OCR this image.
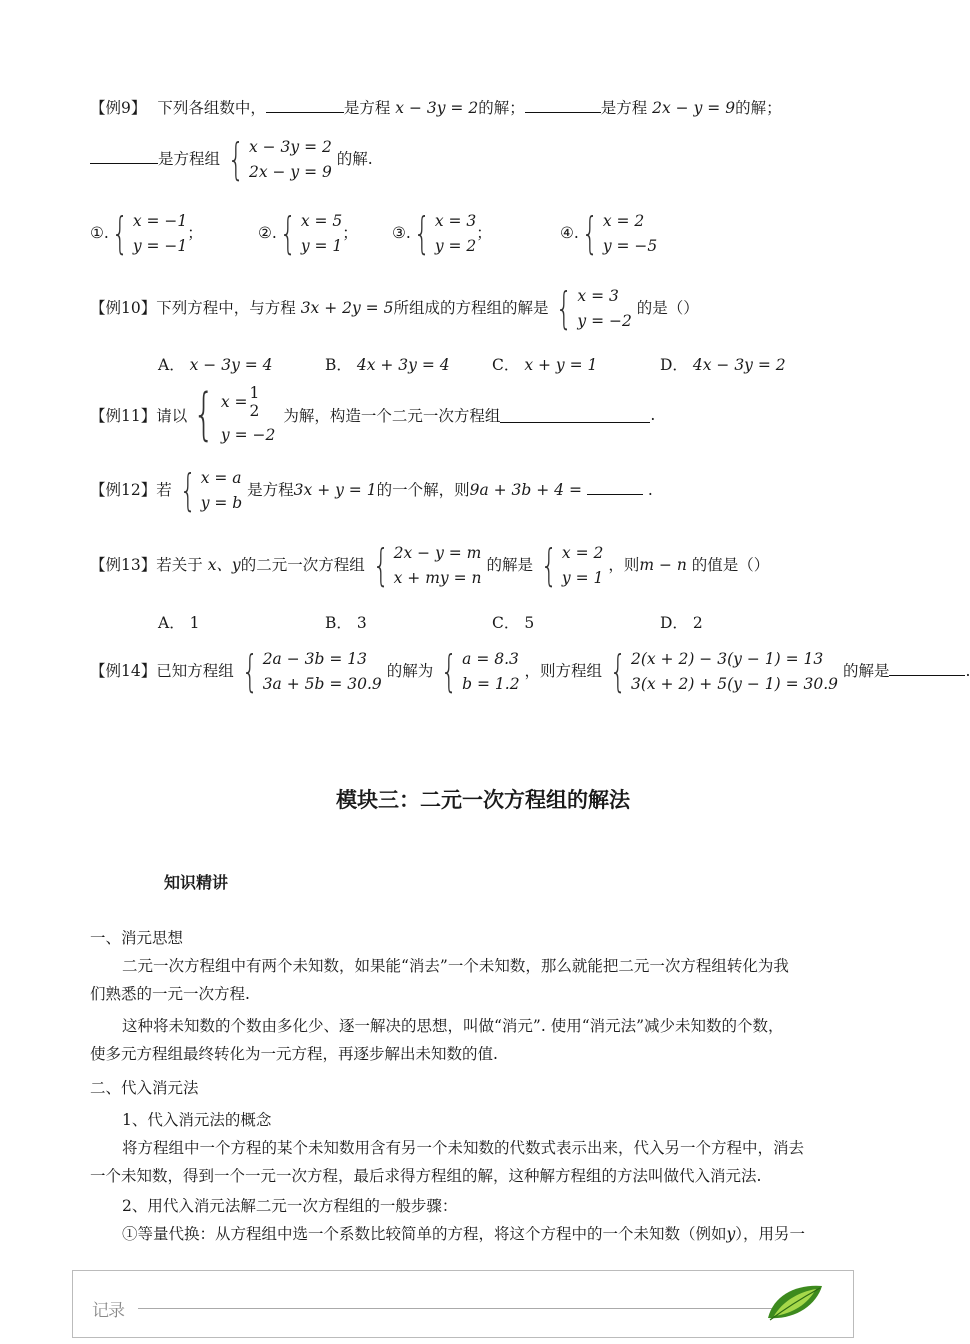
【例9】 下列各组数中，	是方程 x − 3y = 2的解；	是方程 2x − y = 9的解；
是方程组 { x − 3y = 2
2x − y = 9
的解.
①. { x = −1
y = −1
；	②. { x = 5
y = 1
； ③. { x = 3
y = 2
；	④. { x = 2
y = −5
【例10】下列方程中，与方程 3x + 2y = 5所组成的方程组的解是 { x = 3
y = −2
的是（）
A． x − 3y = 4	B． 4x + 3y = 4	C． x + y = 1	D． 4x − 3y = 2
【例11】 请以 { x = 1
2
y = −2
为解，构造一个二元一次方程组	.
【例12】若 { x = a
y = b
是方程3x + y = 1的一个解，则9a + 3b + 4 =	.
【例13】若关于 x、y的二元一次方程组 { 2x − y = m
x + my = n
的解是 { x = 2
y = 1
，则m − n 的值是（）
A． 1	B． 3	C． 5	D． 2
【例14】已知方程组 { 2a − 3b = 13
3a + 5b = 30.9
的解为 { a = 8.3
b = 1.2
，则方程组 { 2(x + 2) − 3(y − 1) = 13
3(x + 2) + 5(y − 1) = 30.9
的解是	.
模块三：二元一次方程组的解法
知识精讲
一、消元思想
二元一次方程组中有两个未知数，如果能“消去”一个未知数，那么就能把二元一次方程组转化为我
们熟悉的一元一次方程.
这种将未知数的个数由多化少、逐一解决的思想，叫做“消元”. 使用“消元法”减少未知数的个数，
使多元方程组最终转化为一元方程，再逐步解出未知数的值.
二、代入消元法
1、代入消元法的概念
将方程组中一个方程的某个未知数用含有另一个未知数的代数式表示出来，代入另一个方程中，消去
一个未知数，得到一个一元一次方程，最后求得方程组的解，这种解方程组的方法叫做代入消元法.
2、用代入消元法解二元一次方程组的一般步骤：
①等量代换：从方程组中选一个系数比较简单的方程，将这个方程中的一个未知数（例如y），用另一
记录
